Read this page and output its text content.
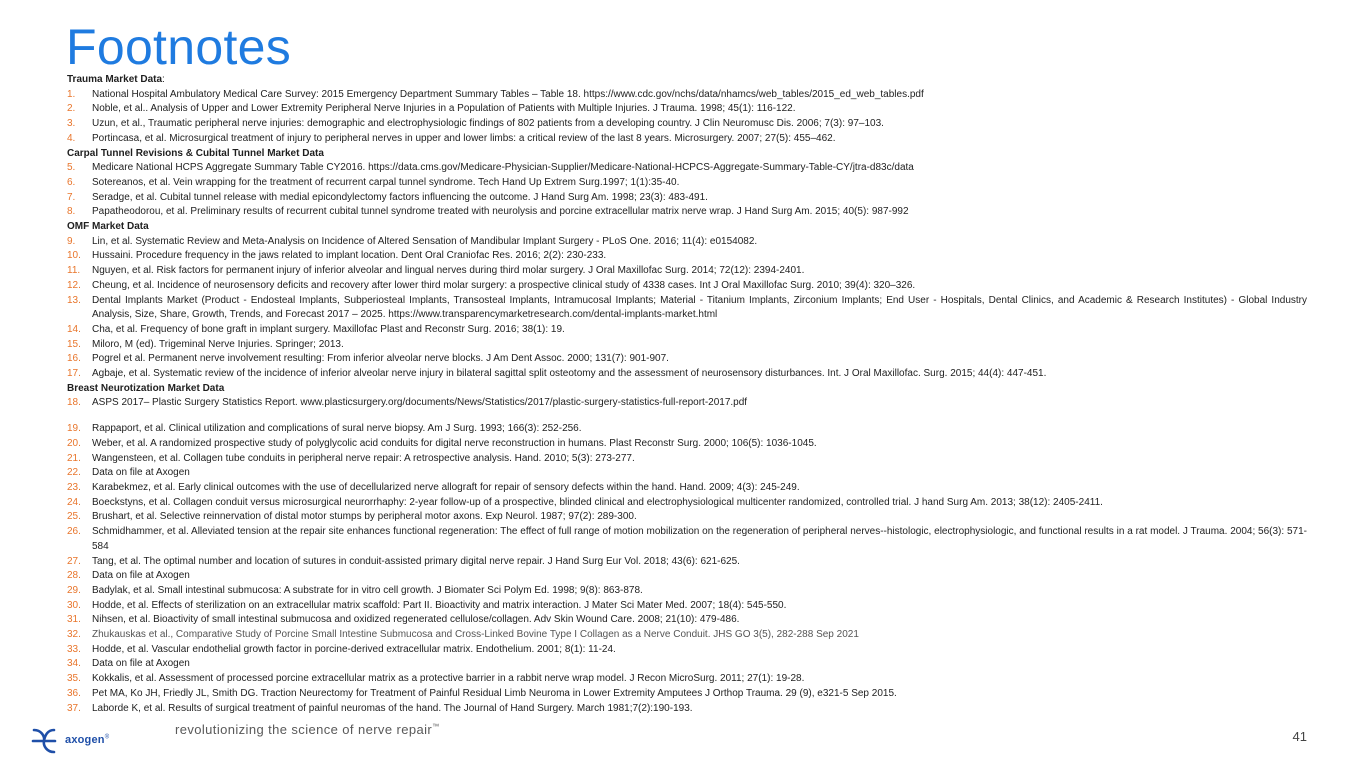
Footnotes
Trauma Market Data:
1.	National Hospital Ambulatory Medical Care Survey: 2015 Emergency Department Summary Tables – Table 18. https://www.cdc.gov/nchs/data/nhamcs/web_tables/2015_ed_web_tables.pdf
2.	Noble, et al.. Analysis of Upper and Lower Extremity Peripheral Nerve Injuries in a Population of Patients with Multiple Injuries. J Trauma. 1998; 45(1): 116-122.
3.	Uzun, et al., Traumatic peripheral nerve injuries: demographic and electrophysiologic findings of 802 patients from a developing country. J Clin Neuromusc Dis. 2006; 7(3): 97–103.
4.	Portincasa, et al. Microsurgical treatment of injury to peripheral nerves in upper and lower limbs: a critical review of the last 8 years. Microsurgery. 2007; 27(5): 455–462.
Carpal Tunnel Revisions & Cubital Tunnel Market Data
5.	Medicare National HCPS Aggregate Summary Table CY2016. https://data.cms.gov/Medicare-Physician-Supplier/Medicare-National-HCPCS-Aggregate-Summary-Table-CY/jtra-d83c/data
6.	Sotereanos, et al. Vein wrapping for the treatment of recurrent carpal tunnel syndrome. Tech Hand Up Extrem Surg.1997; 1(1):35-40.
7.	Seradge, et al. Cubital tunnel release with medial epicondylectomy factors influencing the outcome. J Hand Surg Am. 1998; 23(3): 483-491.
8.	Papatheodorou, et al. Preliminary results of recurrent cubital tunnel syndrome treated with neurolysis and porcine extracellular matrix nerve wrap. J Hand Surg Am. 2015; 40(5): 987-992
OMF Market Data
9.	Lin, et al. Systematic Review and Meta-Analysis on Incidence of Altered Sensation of Mandibular Implant Surgery - PLoS One. 2016; 11(4): e0154082.
10.	Hussaini. Procedure frequency in the jaws related to implant location. Dent Oral Craniofac Res. 2016; 2(2): 230-233.
11.	Nguyen, et al. Risk factors for permanent injury of inferior alveolar and lingual nerves during third molar surgery. J Oral Maxillofac Surg. 2014; 72(12): 2394-2401.
12.	Cheung, et al. Incidence of neurosensory deficits and recovery after lower third molar surgery: a prospective clinical study of 4338 cases. Int J Oral Maxillofac Surg. 2010; 39(4): 320–326.
13.	Dental Implants Market (Product - Endosteal Implants, Subperiosteal Implants, Transosteal Implants, Intramucosal Implants; Material - Titanium Implants, Zirconium Implants; End User - Hospitals, Dental Clinics, and Academic & Research Institutes) - Global Industry Analysis, Size, Share, Growth, Trends, and Forecast 2017 – 2025. https://www.transparencymarketresearch.com/dental-implants-market.html
14.	Cha, et al. Frequency of bone graft in implant surgery. Maxillofac Plast and Reconstr Surg. 2016; 38(1): 19.
15.	Miloro, M (ed). Trigeminal Nerve Injuries. Springer; 2013.
16.	Pogrel et al. Permanent nerve involvement resulting: From inferior alveolar nerve blocks. J Am Dent Assoc. 2000; 131(7): 901-907.
17.	Agbaje, et al. Systematic review of the incidence of inferior alveolar nerve injury in bilateral sagittal split osteotomy and the assessment of neurosensory disturbances. Int. J Oral Maxillofac. Surg. 2015; 44(4): 447-451.
Breast Neurotization Market Data
18.	ASPS 2017– Plastic Surgery Statistics Report. www.plasticsurgery.org/documents/News/Statistics/2017/plastic-surgery-statistics-full-report-2017.pdf
19.	Rappaport, et al. Clinical utilization and complications of sural nerve biopsy. Am J Surg. 1993; 166(3): 252-256.
20.	Weber, et al. A randomized prospective study of polyglycolic acid conduits for digital nerve reconstruction in humans. Plast Reconstr Surg. 2000; 106(5): 1036-1045.
21.	Wangensteen, et al. Collagen tube conduits in peripheral nerve repair: A retrospective analysis. Hand. 2010; 5(3): 273-277.
22.	Data on file at Axogen
23.	Karabekmez, et al. Early clinical outcomes with the use of decellularized nerve allograft for repair of sensory defects within the hand. Hand. 2009; 4(3): 245-249.
24.	Boeckstyns, et al. Collagen conduit versus microsurgical neurorrhaphy: 2-year follow-up of a prospective, blinded clinical and electrophysiological multicenter randomized, controlled trial. J hand Surg Am. 2013; 38(12): 2405-2411.
25.	Brushart, et al. Selective reinnervation of distal motor stumps by peripheral motor axons. Exp Neurol. 1987; 97(2): 289-300.
26.	Schmidhammer, et al. Alleviated tension at the repair site enhances functional regeneration: The effect of full range of motion mobilization on the regeneration of peripheral nerves--histologic, electrophysiologic, and functional results in a rat model. J Trauma. 2004; 56(3): 571-584
27.	Tang, et al. The optimal number and location of sutures in conduit-assisted primary digital nerve repair. J Hand Surg Eur Vol. 2018; 43(6): 621-625.
28.	Data on file at Axogen
29.	Badylak, et al. Small intestinal submucosa: A substrate for in vitro cell growth. J Biomater Sci Polym Ed. 1998; 9(8): 863-878.
30.	Hodde, et al. Effects of sterilization on an extracellular matrix scaffold: Part II. Bioactivity and matrix interaction. J Mater Sci Mater Med. 2007; 18(4): 545-550.
31.	Nihsen, et al. Bioactivity of small intestinal submucosa and oxidized regenerated cellulose/collagen. Adv Skin Wound Care. 2008; 21(10): 479-486.
32.	Zhukauskas et al., Comparative Study of Porcine Small Intestine Submucosa and Cross-Linked Bovine Type I Collagen as a Nerve Conduit. JHS GO 3(5), 282-288 Sep 2021
33.	Hodde, et al. Vascular endothelial growth factor in porcine-derived extracellular matrix. Endothelium. 2001; 8(1): 11-24.
34.	Data on file at Axogen
35.	Kokkalis, et al. Assessment of processed porcine extracellular matrix as a protective barrier in a rabbit nerve wrap model. J Recon MicroSurg. 2011; 27(1): 19-28.
36.	Pet MA, Ko JH, Friedly JL, Smith DG. Traction Neurectomy for Treatment of Painful Residual Limb Neuroma in Lower Extremity Amputees J Orthop Trauma. 29 (9), e321-5 Sep 2015.
37.	Laborde K, et al. Results of surgical treatment of painful neuromas of the hand. The Journal of Hand Surgery. March 1981;7(2):190-193.
axogen®
revolutionizing the science of nerve repair™
41
